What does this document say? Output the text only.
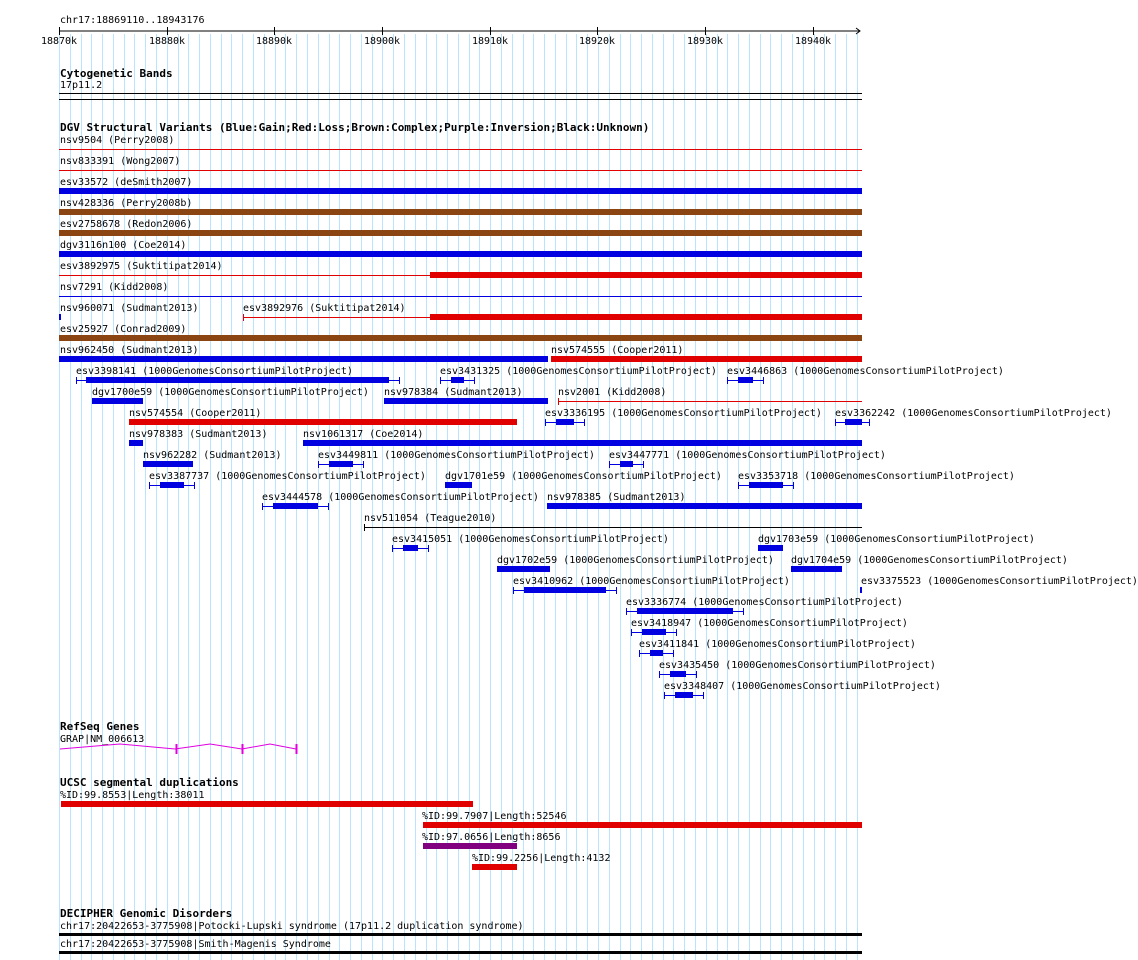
chr17:18869110..18943176
18870k	18880k	18890k	18900k	18910k	18920k	18930k	18940k
Cytogenetic Bands
17p11.2
DGV Structural Variants (Blue:Gain;Red:Loss;Brown:Complex;Purple:Inversion;Black:Unknown)
RefSeq Genes
GRAP|NM_006613
UCSC segmental duplications
DECIPHER Genomic Disorders
nsv9504 (Perry2008)
nsv833391 (Wong2007)
esv33572 (deSmith2007)
nsv428336 (Perry2008b)
esv2758678 (Redon2006)
dgv3116n100 (Coe2014)
esv3892975 (Suktitipat2014)
nsv7291 (Kidd2008)
nsv960071 (Sudmant2013)	esv3892976 (Suktitipat2014)
esv25927 (Conrad2009)
nsv962450 (Sudmant2013)	nsv574555 (Cooper2011)
esv3398141 (1000GenomesConsortiumPilotProject)	esv3431325 (1000GenomesConsortiumPilotProject) esv3446863 (1000GenomesConsortiumPilotProject)
dgv1700e59 (1000GenomesConsortiumPilotProject) nsv978384 (Sudmant2013)	nsv2001 (Kidd2008)
nsv574554 (Cooper2011)	esv3336195 (1000GenomesConsortiumPilotProject) esv3362242 (1000GenomesConsortiumPilotProject)
nsv978383 (Sudmant2013)	nsv1061317 (Coe2014)
nsv962282 (Sudmant2013)	esv3449811 (1000GenomesConsortiumPilotProject) esv3447771 (1000GenomesConsortiumPilotProject)
esv3387737 (1000GenomesConsortiumPilotProject) dgv1701e59 (1000GenomesConsortiumPilotProject) esv3353718 (1000GenomesConsortiumPilotProject)
esv3444578 (1000GenomesConsortiumPilotProject) nsv978385 (Sudmant2013)
nsv511054 (Teague2010)
esv3415051 (1000GenomesConsortiumPilotProject)	dgv1703e59 (1000GenomesConsortiumPilotProject)
dgv1702e59 (1000GenomesConsortiumPilotProject) dgv1704e59 (1000GenomesConsortiumPilotProject)
esv3375523 (1000GenomesConsortiumPilotProject)
esv3410962 (1000GenomesConsortiumPilotProject)
esv3336774 (1000GenomesConsortiumPilotProject)
esv3418947 (1000GenomesConsortiumPilotProject)
esv3411841 (1000GenomesConsortiumPilotProject)
esv3435450 (1000GenomesConsortiumPilotProject)
esv3348407 (1000GenomesConsortiumPilotProject)
%ID:99.8553|Length:38011
%ID:99.7907|Length:52546
%ID:97.0656|Length:8656
%ID:99.2256|Length:4132
chr17:20422653-3775908|Potocki-Lupski syndrome (17p11.2 duplication syndrome)
chr17:20422653-3775908|Smith-Magenis Syndrome
